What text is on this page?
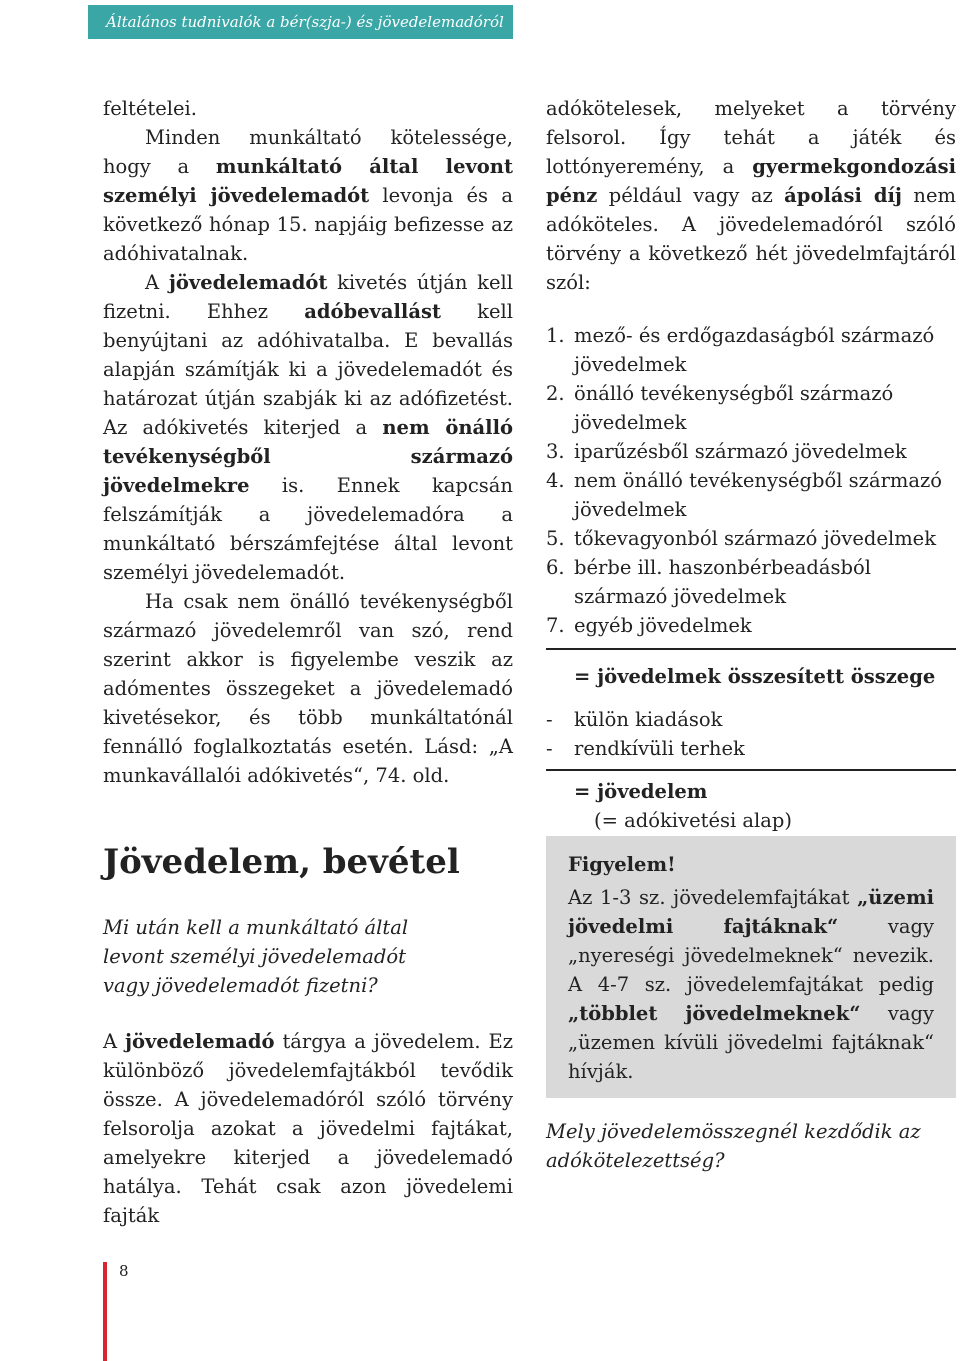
Általános tudnivalók a bér(szja-) és jövedelemadóról

feltételei.

Minden munkáltató kötelessége, hogy a munkáltató által levont személyi jövedelemadót levonja és a következő hónap 15. napjáig befizesse az adóhivatalnak.

A jövedelemadót kivetés útján kell fizetni. Ehhez adóbevallást kell benyújtani az adóhivatalba. E bevallás alapján számítják ki a jövedelemadót és határozat útján szabják ki az adófizetést. Az adókivetés kiterjed a nem önálló tevékenységből származó jövedelmekre is. Ennek kapcsán felszámítják a jövedelemadóra a munkáltató bérszámfejtése által levont személyi jövedelemadót.

Ha csak nem önálló tevékenységből származó jövedelemről van szó, rend szerint akkor is figyelembe veszik az adómentes összegeket a jövedelemadó kivetésekor, és több munkáltatónál fennálló foglalkoztatás esetén. Lásd: „A munkavállalói adókivetés“, 74. old.

Jövedelem, bevétel
Mi után kell a munkáltató által levont személyi jövedelemadót vagy jövedelemadót fizetni?

A jövedelemadó tárgya a jövedelem. Ez különböző jövedelemfajtákból tevődik össze. A jövedelemadóról szóló törvény felsorolja azokat a jövedelmi fajtákat, amelyekre kiterjed a jövedelemadó hatálya. Tehát csak azon jövedelemi fajták

adókötelesek, melyeket a törvény felsorol. Így tehát a játék és lottónyeremény, a gyermekgondozási pénz például vagy az ápolási díj nem adóköteles. A jövedelemadóról szóló törvény a következő hét jövedelmfajtáról szól:

1. mező- és erdőgazdaságból származó jövedelmek
2. önálló tevékenységből származó jövedelmek
3. iparűzésből származó jövedelmek
4. nem önálló tevékenységből származó jövedelmek
5. tőkevagyonból származó jövedelmek
6. bérbe ill. haszonbérbeadásból származó jövedelmek
7. egyéb jövedelmek
= jövedelmek összesített összege
- külön kiadások
- rendkívüli terhek
= jövedelem
(= adókivetési alap)
Figyelem!
Az 1-3 sz. jövedelemfajtákat „üzemi jövedelmi fajtáknak“ vagy „nyereségi jövedelmeknek“ nevezik. A 4-7 sz. jövedelemfajtákat pedig „többlet jövedelmeknek“ vagy „üzemen kívüli jövedelmi fajtáknak“ hívják.
Mely jövedelemösszegnél kezdődik az adókötelezettség?
8
